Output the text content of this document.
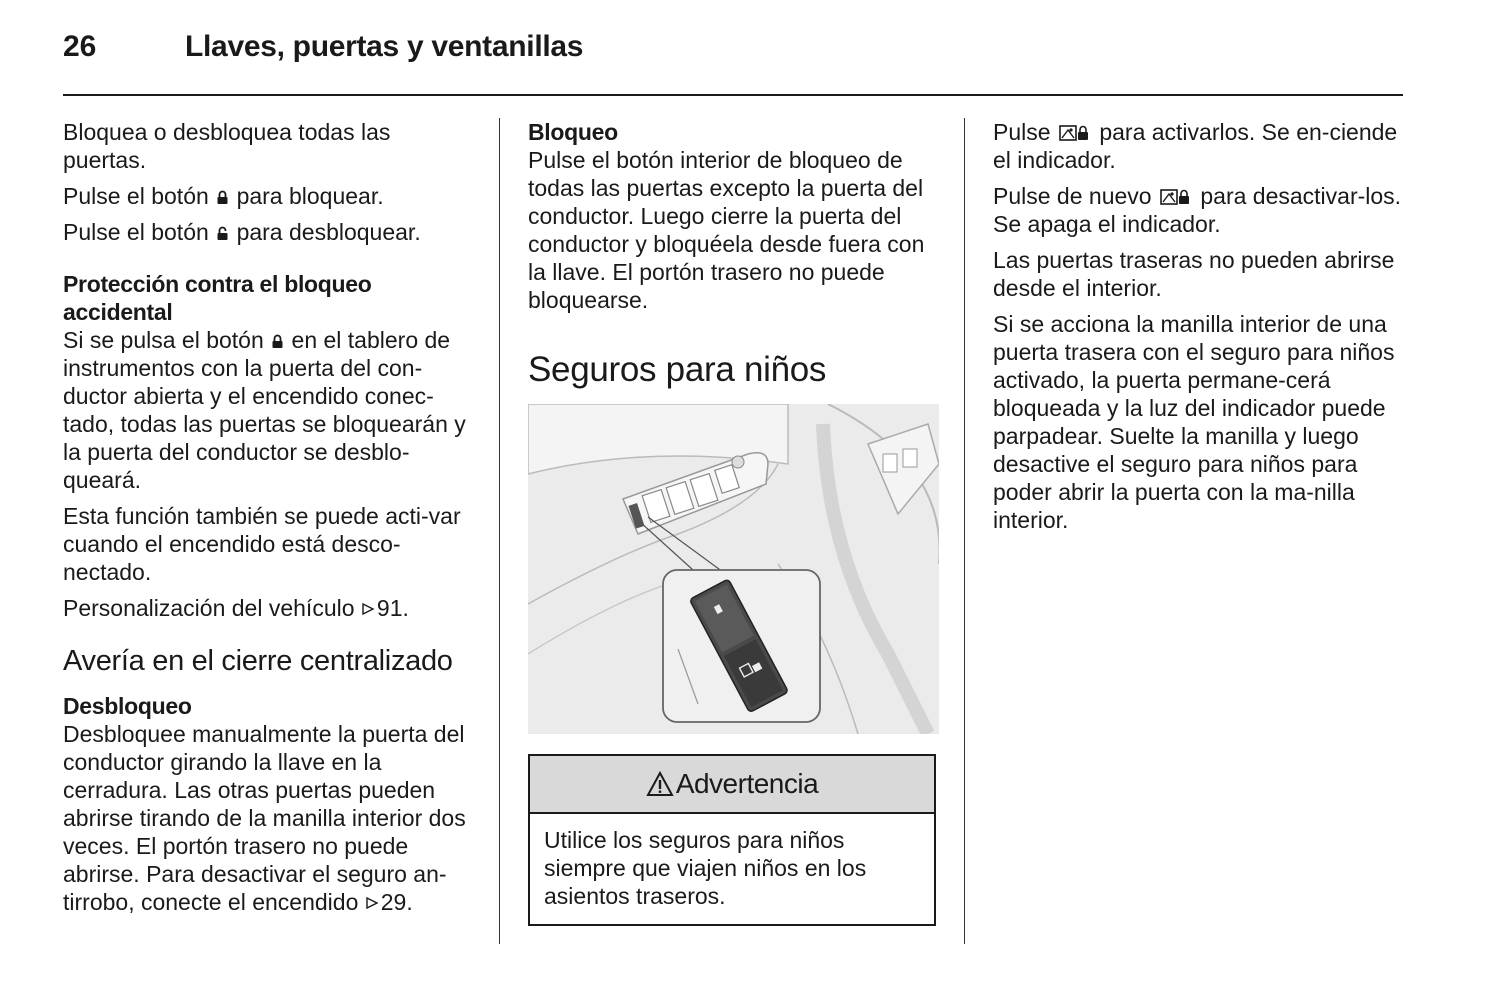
26	Llaves, puertas y ventanillas

Bloquea o desbloquea todas las puertas.

Pulse el botón para bloquear.

Pulse el botón para desbloquear.

Protección contra el bloqueo accidental

Si se pulsa el botón en el tablero de instrumentos con la puerta del con-ductor abierta y el encendido conec-tado, todas las puertas se bloquearán y la puerta del conductor se desblo-queará.

Esta función también se puede acti-var cuando el encendido está desco-nectado.

Personalización del vehículo 91.

Avería en el cierre centralizado
Desbloqueo

Desbloquee manualmente la puerta del conductor girando la llave en la cerradura. Las otras puertas pueden abrirse tirando de la manilla interior dos veces. El portón trasero no puede abrirse. Para desactivar el seguro an-tirrobo, conecte el encendido 29.

Bloqueo

Pulse el botón interior de bloqueo de todas las puertas excepto la puerta del conductor. Luego cierre la puerta del conductor y bloquéela desde fuera con la llave. El portón trasero no puede bloquearse.

Seguros para niños
Advertencia
Utilice los seguros para niños siempre que viajen niños en los asientos traseros.

Pulse para activarlos. Se en-ciende el indicador.

Pulse de nuevo para desactivar-los. Se apaga el indicador.

Las puertas traseras no pueden abrirse desde el interior.

Si se acciona la manilla interior de una puerta trasera con el seguro para niños activado, la puerta permane-cerá bloqueada y la luz del indicador puede parpadear. Suelte la manilla y luego desactive el seguro para niños para poder abrir la puerta con la ma-nilla interior.
